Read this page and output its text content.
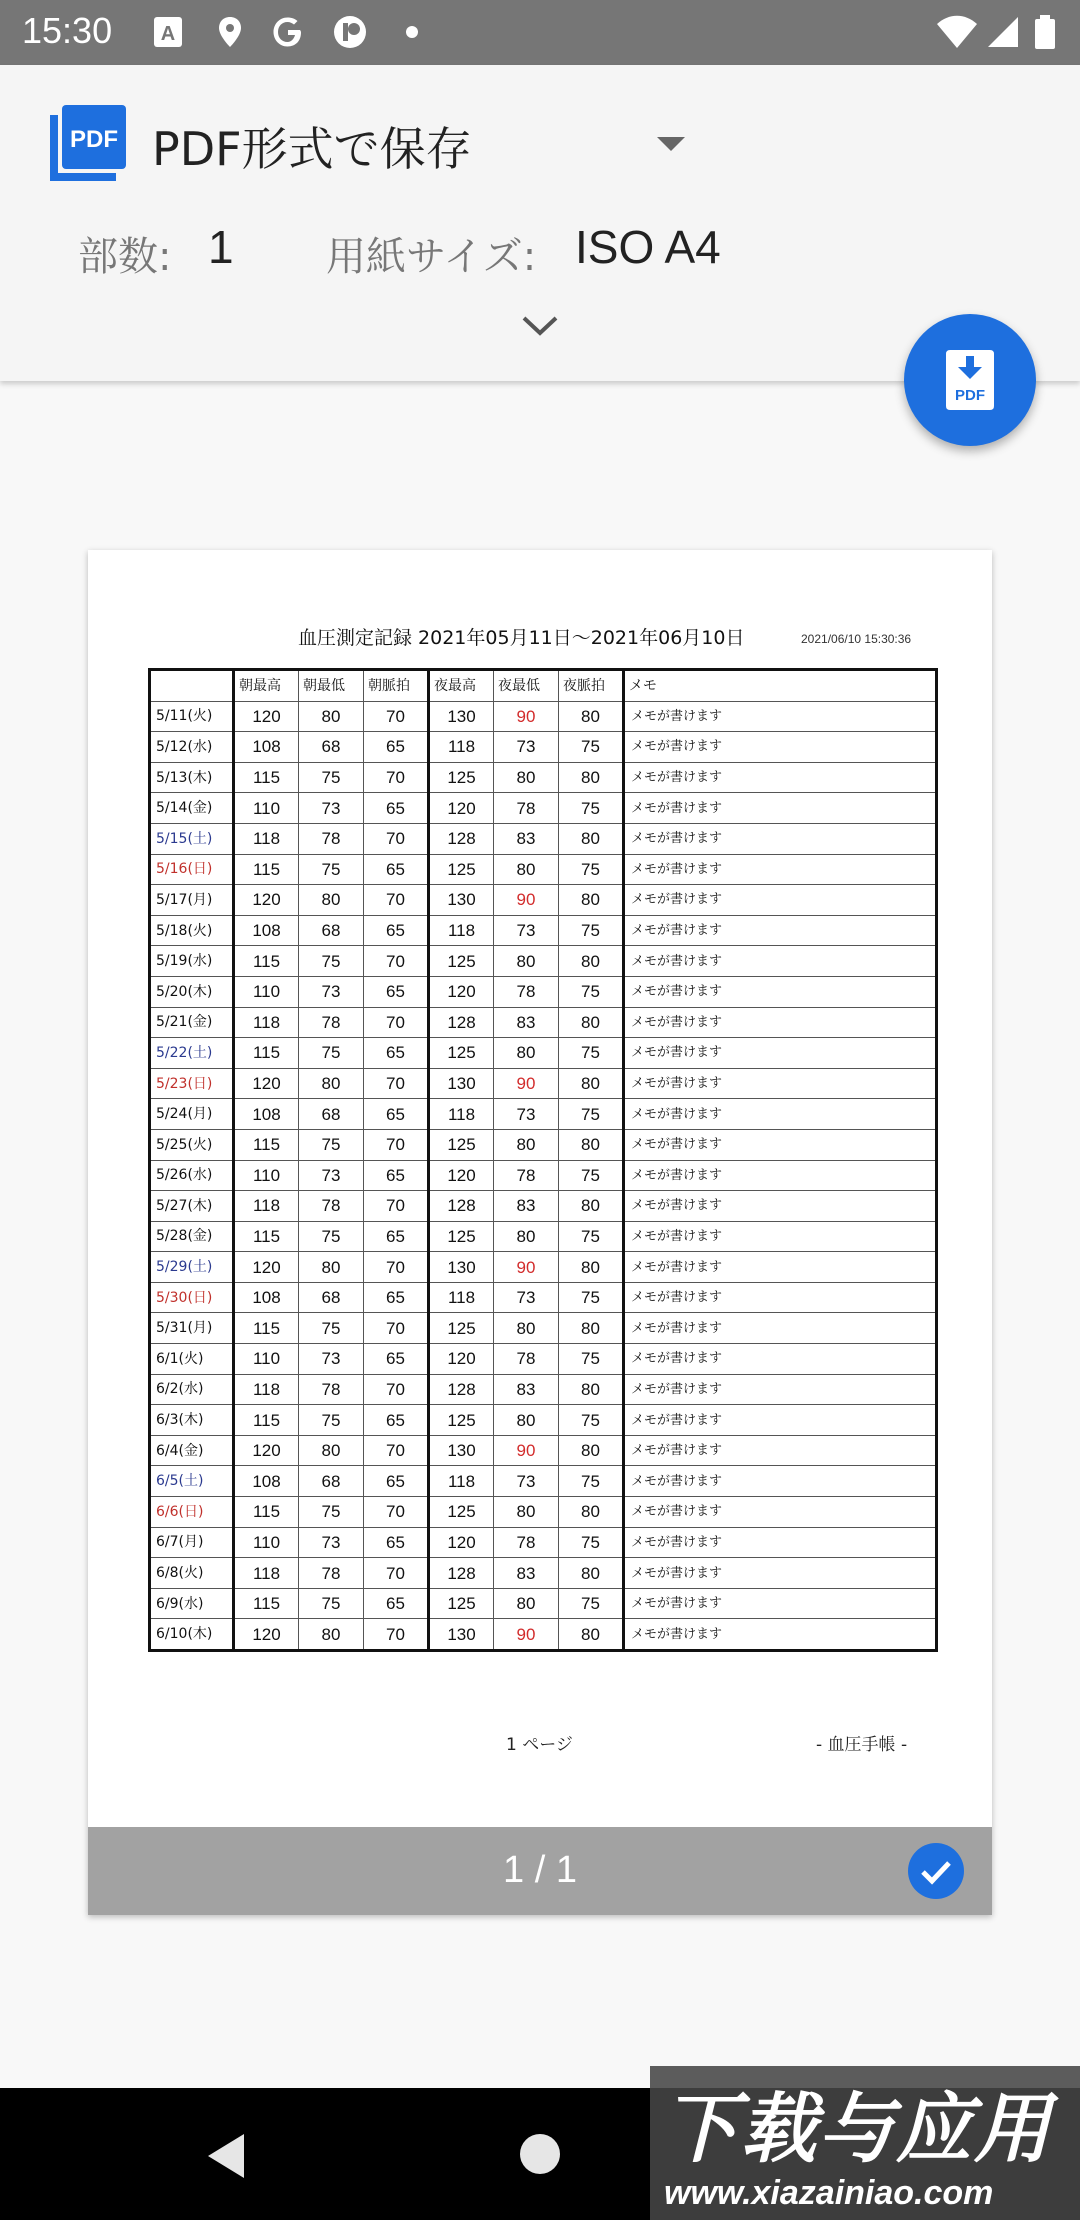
15:30 A
PDF PDF形式で保存
部数: 1 用紙サイズ: ISO A4
PDF
血圧測定記録 2021年05月11日～2021年06月10日	2021/06/10 15:30:36
	朝最高	朝最低	朝脈拍	夜最高	夜最低	夜脈拍	メモ
5/11(火)	120	80	70	130	90	80	メモが書けます
5/12(水)	108	68	65	118	73	75	メモが書けます
5/13(木)	115	75	70	125	80	80	メモが書けます
5/14(金)	110	73	65	120	78	75	メモが書けます
5/15(土)	118	78	70	128	83	80	メモが書けます
5/16(日)	115	75	65	125	80	75	メモが書けます
5/17(月)	120	80	70	130	90	80	メモが書けます
5/18(火)	108	68	65	118	73	75	メモが書けます
5/19(水)	115	75	70	125	80	80	メモが書けます
5/20(木)	110	73	65	120	78	75	メモが書けます
5/21(金)	118	78	70	128	83	80	メモが書けます
5/22(土)	115	75	65	125	80	75	メモが書けます
5/23(日)	120	80	70	130	90	80	メモが書けます
5/24(月)	108	68	65	118	73	75	メモが書けます
5/25(火)	115	75	70	125	80	80	メモが書けます
5/26(水)	110	73	65	120	78	75	メモが書けます
5/27(木)	118	78	70	128	83	80	メモが書けます
5/28(金)	115	75	65	125	80	75	メモが書けます
5/29(土)	120	80	70	130	90	80	メモが書けます
5/30(日)	108	68	65	118	73	75	メモが書けます
5/31(月)	115	75	70	125	80	80	メモが書けます
6/1(火)	110	73	65	120	78	75	メモが書けます
6/2(水)	118	78	70	128	83	80	メモが書けます
6/3(木)	115	75	65	125	80	75	メモが書けます
6/4(金)	120	80	70	130	90	80	メモが書けます
6/5(土)	108	68	65	118	73	75	メモが書けます
6/6(日)	115	75	70	125	80	80	メモが書けます
6/7(月)	110	73	65	120	78	75	メモが書けます
6/8(火)	118	78	70	128	83	80	メモが書けます
6/9(水)	115	75	65	125	80	75	メモが書けます
6/10(木)	120	80	70	130	90	80	メモが書けます
1 ページ	- 血圧手帳 -
1 / 1
下载与应用
www.xiazainiao.com
